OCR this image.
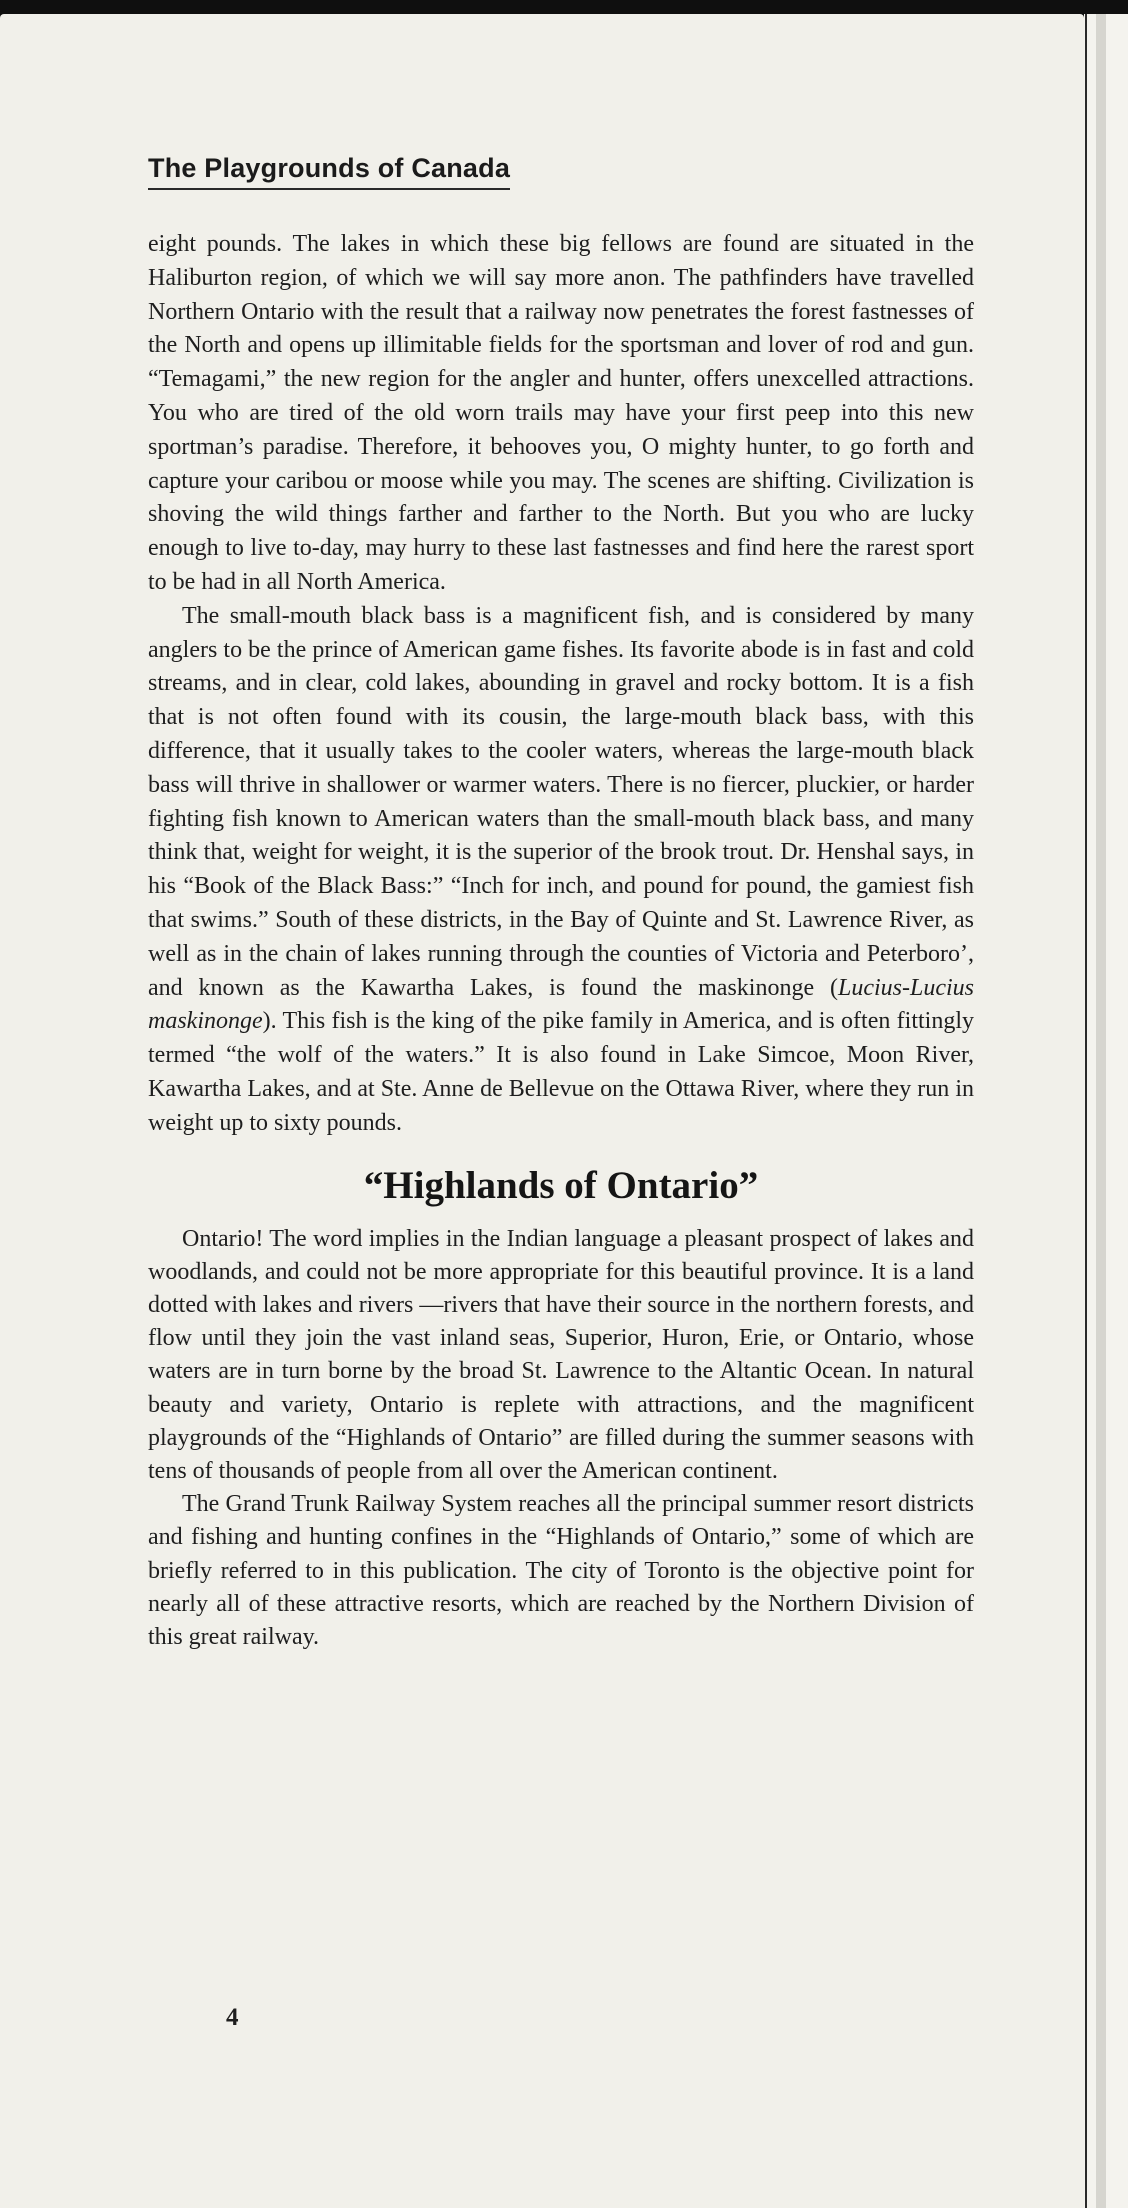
The Playgrounds of Canada

eight pounds. The lakes in which these big fellows are found are situated in the Haliburton region, of which we will say more anon. The pathfinders have travelled Northern Ontario with the result that a railway now penetrates the forest fastnesses of the North and opens up illimitable fields for the sportsman and lover of rod and gun. “Temagami,” the new region for the angler and hunter, offers unexcelled attractions. You who are tired of the old worn trails may have your first peep into this new sportman’s paradise. Therefore, it behooves you, O mighty hunter, to go forth and capture your caribou or moose while you may. The scenes are shifting. Civilization is shoving the wild things farther and farther to the North. But you who are lucky enough to live to-day, may hurry to these last fastnesses and find here the rarest sport to be had in all North America.

The small-mouth black bass is a magnificent fish, and is considered by many anglers to be the prince of American game fishes. Its favorite abode is in fast and cold streams, and in clear, cold lakes, abounding in gravel and rocky bottom. It is a fish that is not often found with its cousin, the large-mouth black bass, with this difference, that it usually takes to the cooler waters, whereas the large-mouth black bass will thrive in shallower or warmer waters. There is no fiercer, pluckier, or harder fighting fish known to American waters than the small-mouth black bass, and many think that, weight for weight, it is the superior of the brook trout. Dr. Henshal says, in his “Book of the Black Bass:” “Inch for inch, and pound for pound, the gamiest fish that swims.” South of these districts, in the Bay of Quinte and St. Lawrence River, as well as in the chain of lakes running through the counties of Victoria and Peterboro’, and known as the Kawartha Lakes, is found the maskinonge (Lucius-Lucius maskinonge). This fish is the king of the pike family in America, and is often fittingly termed “the wolf of the waters.” It is also found in Lake Simcoe, Moon River, Kawartha Lakes, and at Ste. Anne de Bellevue on the Ottawa River, where they run in weight up to sixty pounds.

“Highlands of Ontario”

Ontario! The word implies in the Indian language a pleasant prospect of lakes and woodlands, and could not be more appropriate for this beautiful province. It is a land dotted with lakes and rivers —rivers that have their source in the northern forests, and flow until they join the vast inland seas, Superior, Huron, Erie, or Ontario, whose waters are in turn borne by the broad St. Lawrence to the Altantic Ocean. In natural beauty and variety, Ontario is replete with attractions, and the magnificent playgrounds of the “Highlands of Ontario” are filled during the summer seasons with tens of thousands of people from all over the American continent.

The Grand Trunk Railway System reaches all the principal summer resort districts and fishing and hunting confines in the “Highlands of Ontario,” some of which are briefly referred to in this publication. The city of Toronto is the objective point for nearly all of these attractive resorts, which are reached by the Northern Division of this great railway.

4
